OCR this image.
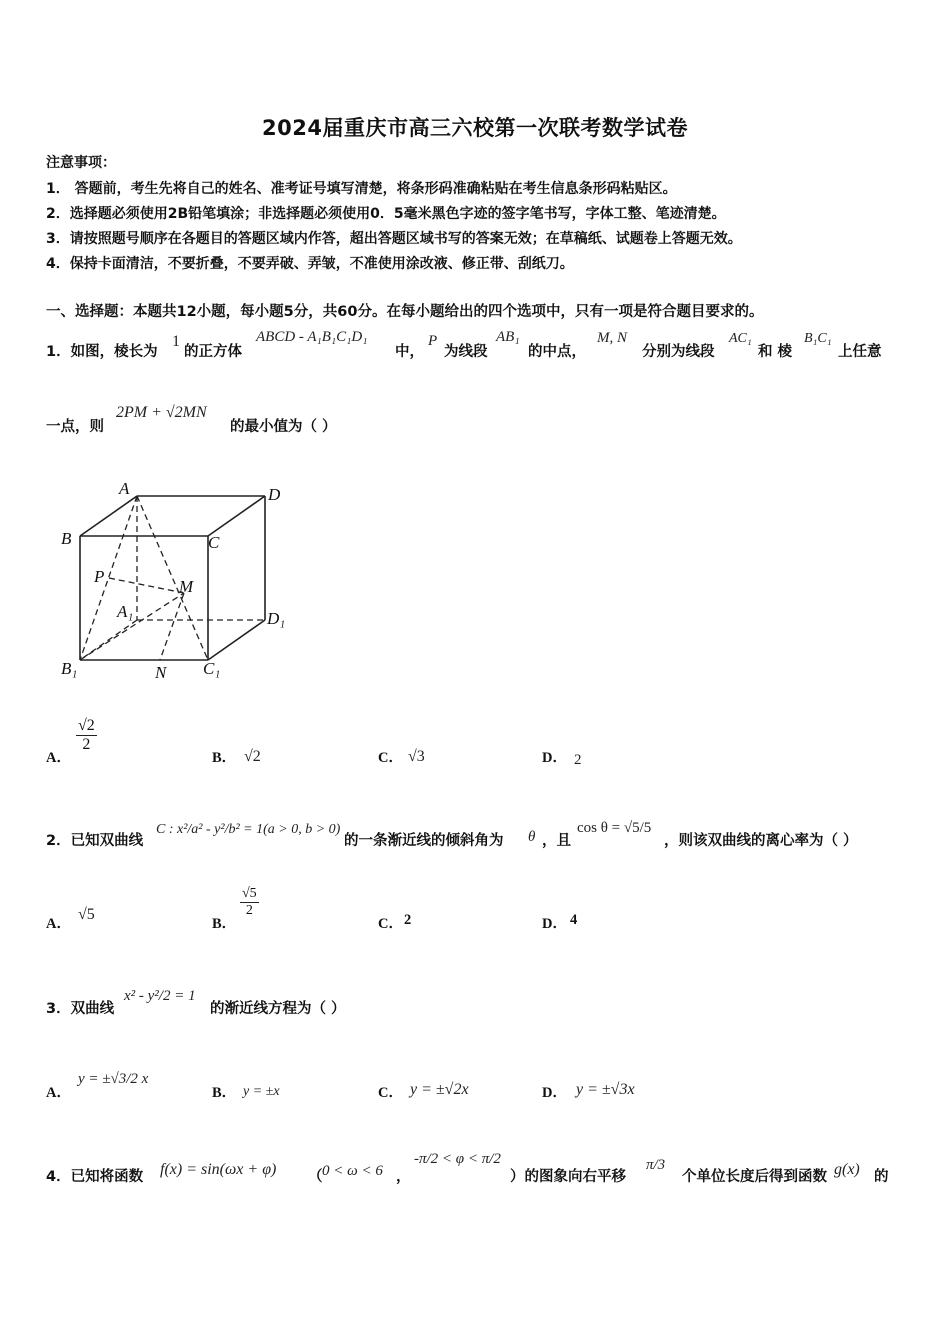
2024届重庆市高三六校第一次联考数学试卷
注意事项：
1． 答题前，考生先将自己的姓名、准考证号填写清楚，将条形码准确粘贴在考生信息条形码粘贴区。
2．选择题必须使用2B铅笔填涂；非选择题必须使用0．5毫米黑色字迹的签字笔书写，字体工整、笔迹清楚。
3．请按照题号顺序在各题目的答题区域内作答，超出答题区域书写的答案无效；在草稿纸、试题卷上答题无效。
4．保持卡面清洁，不要折叠，不要弄破、弄皱，不准使用涂改液、修正带、刮纸刀。
一、选择题：本题共12小题，每小题5分，共60分。在每小题给出的四个选项中，只有一项是符合题目要求的。
1．如图，棱长为
1
的正方体
ABCD - A₁B₁C₁D₁
中，
P
为线段
AB₁
的中点，
M, N
分别为线段
AC₁
和 棱
B₁C₁
上任意
一点，则
2PM + √2MN
的最小值为（ ）
A	D
B	C
P
M
A₁	D₁
B₁	N C₁
A．
$\frac{√2}{2}$
B． √2	C． √3	D． 2
2．已知双曲线
C : x²/a² - y²/b² = 1(a > 0, b > 0)
的一条渐近线的倾斜角为 θ ，且
cos θ = √5/5
，则该双曲线的离心率为（ ）
A．
√5
B．
$\frac{√5}{2}$
C． 2	D． 4
3．双曲线
x² - y²/2 = 1
的渐近线方程为（ ）
A．
y = ±√3/2 x
B． y = ±x	C． y = ±√2x	D． y = ±√3x
4．已知将函数 f(x) = sin(ωx + φ) （ 0 < ω < 6 ，
-π/2 < φ < π/2
）的图象向右平移
π/3
个单位长度后得到函数 g(x) 的
